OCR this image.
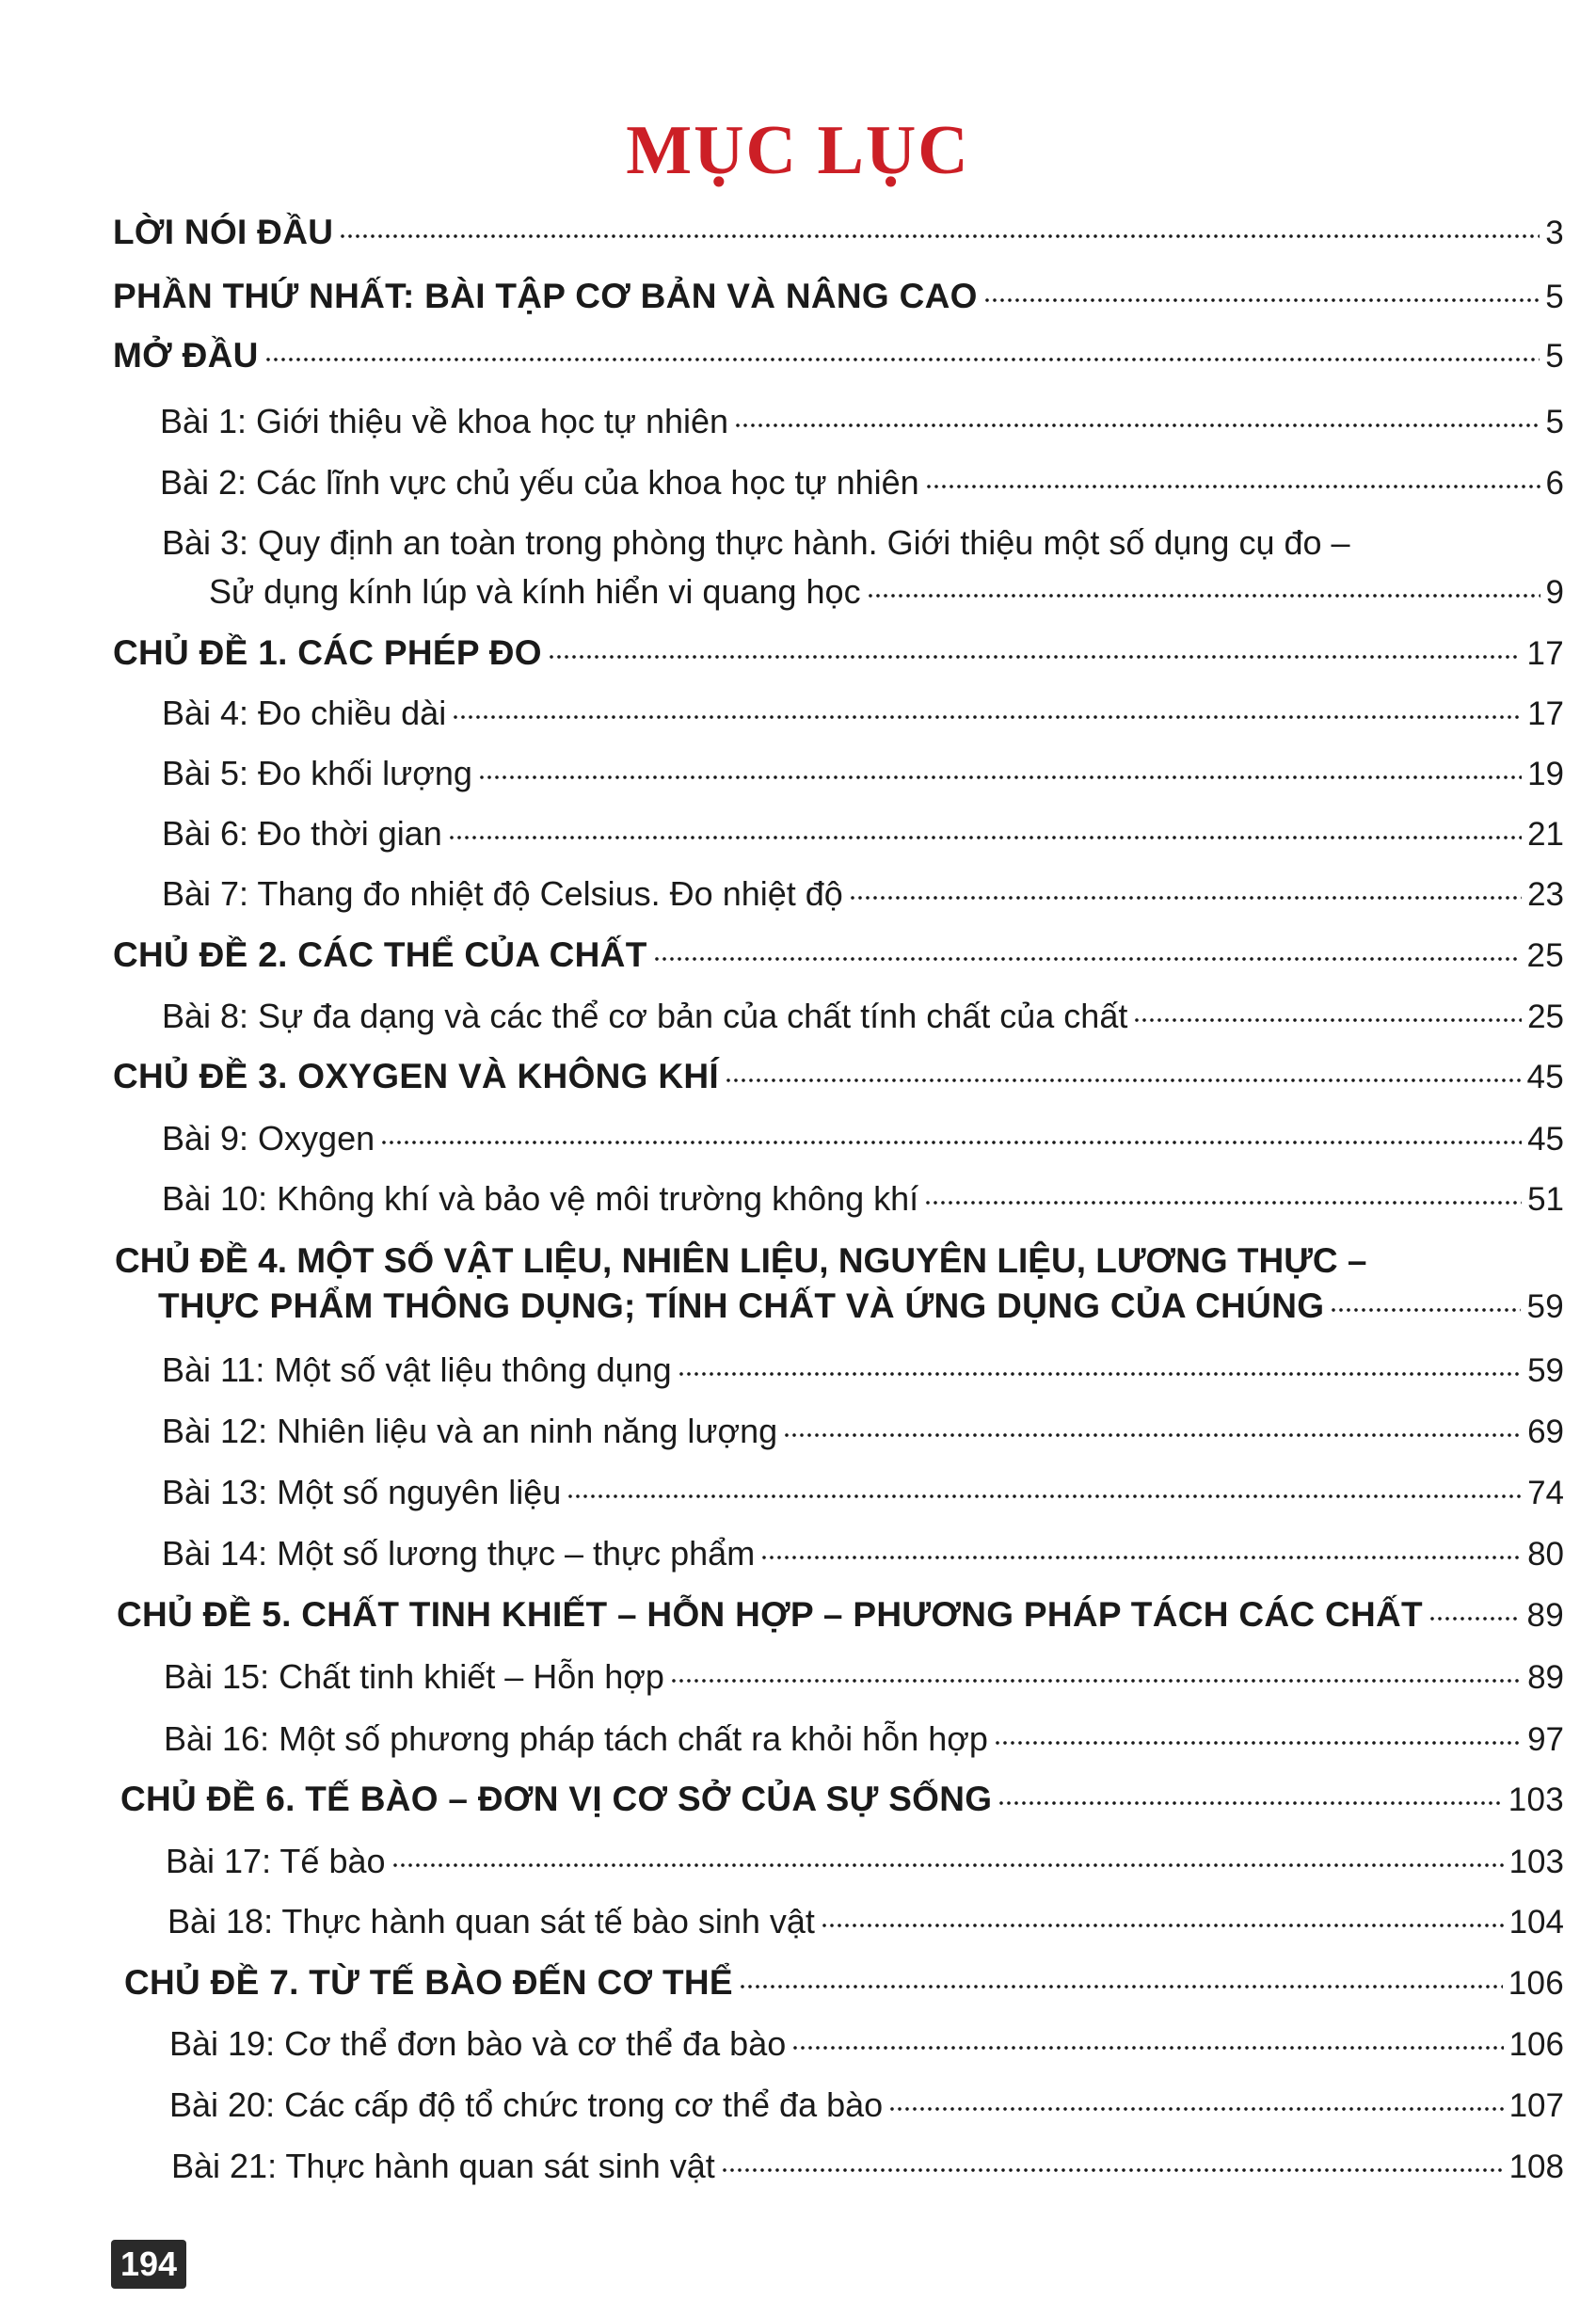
MỤC LỤC
LỜI NÓI ĐẦU	3
PHẦN THỨ NHẤT: BÀI TẬP CƠ BẢN VÀ NÂNG CAO	5
MỞ ĐẦU	5
Bài 1: Giới thiệu về khoa học tự nhiên	5
Bài 2: Các lĩnh vực chủ yếu của khoa học tự nhiên	6
Bài 3: Quy định an toàn trong phòng thực hành. Giới thiệu một số dụng cụ đo –
Sử dụng kính lúp và kính hiển vi quang học	9
CHỦ ĐỀ 1. CÁC PHÉP ĐO	17
Bài 4: Đo chiều dài	17
Bài 5: Đo khối lượng	19
Bài 6: Đo thời gian	21
Bài 7: Thang đo nhiệt độ Celsius. Đo nhiệt độ	23
CHỦ ĐỀ 2. CÁC THỂ CỦA CHẤT	25
Bài 8: Sự đa dạng và các thể cơ bản của chất tính chất của chất	25
CHỦ ĐỀ 3. OXYGEN VÀ KHÔNG KHÍ	45
Bài 9: Oxygen	45
Bài 10: Không khí và bảo vệ môi trường không khí	51
CHỦ ĐỀ 4. MỘT SỐ VẬT LIỆU, NHIÊN LIỆU, NGUYÊN LIỆU, LƯƠNG THỰC –
THỰC PHẨM THÔNG DỤNG; TÍNH CHẤT VÀ ỨNG DỤNG CỦA CHÚNG	59
Bài 11: Một số vật liệu thông dụng	59
Bài 12: Nhiên liệu và an ninh năng lượng	69
Bài 13: Một số nguyên liệu	74
Bài 14: Một số lương thực – thực phẩm	80
CHỦ ĐỀ 5. CHẤT TINH KHIẾT – HỖN HỢP – PHƯƠNG PHÁP TÁCH CÁC CHẤT	89
Bài 15: Chất tinh khiết – Hỗn hợp	89
Bài 16: Một số phương pháp tách chất ra khỏi hỗn hợp	97
CHỦ ĐỀ 6. TẾ BÀO – ĐƠN VỊ CƠ SỞ CỦA SỰ SỐNG	103
Bài 17: Tế bào	103
Bài 18: Thực hành quan sát tế bào sinh vật	104
CHỦ ĐỀ 7. TỪ TẾ BÀO ĐẾN CƠ THỂ	106
Bài 19: Cơ thể đơn bào và cơ thể đa bào	106
Bài 20: Các cấp độ tổ chức trong cơ thể đa bào	107
Bài 21: Thực hành quan sát sinh vật	108
194
